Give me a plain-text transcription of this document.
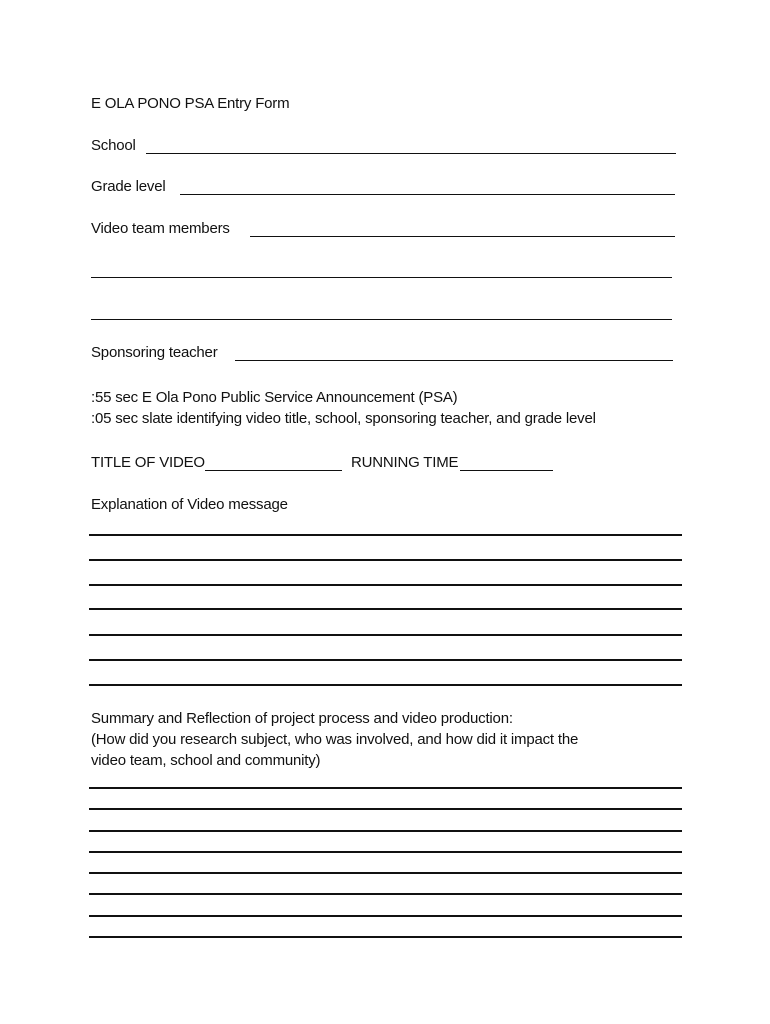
E OLA PONO PSA Entry Form
School
Grade level
Video team members
Sponsoring teacher
:55 sec E Ola Pono Public Service Announcement (PSA)
:05 sec slate identifying video title, school, sponsoring teacher, and grade level
TITLE OF VIDEO	RUNNING TIME
Explanation of Video message
Summary and Reflection of project process and video production:
(How did you research subject, who was involved, and how did it impact the
video team, school and community)
